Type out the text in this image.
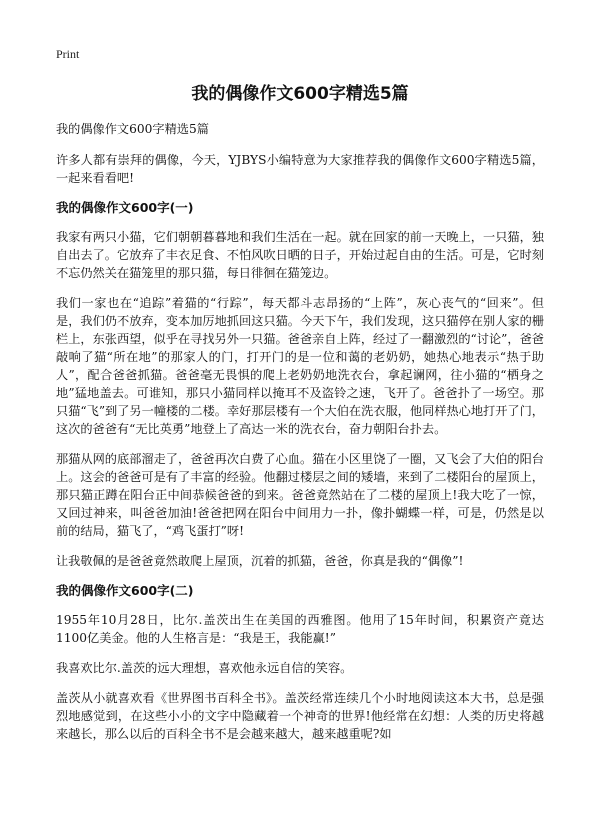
Print
我的偶像作文600字精选5篇

我的偶像作文600字精选5篇

许多人都有崇拜的偶像，今天，YJBYS小编特意为大家推荐我的偶像作文600字精选5篇，一起来看看吧!

我的偶像作文600字(一)

我家有两只小猫，它们朝朝暮暮地和我们生活在一起。就在回家的前一天晚上，一只猫，独自出去了。它放弃了丰衣足食、不怕风吹日晒的日子，开始过起自由的生活。可是，它时刻不忘仍然关在猫笼里的那只猫，每日徘徊在猫笼边。

我们一家也在“追踪”着猫的“行踪”，每天都斗志昂扬的“上阵”，灰心丧气的“回来”。但是，我们仍不放弃，变本加厉地抓回这只猫。今天下午，我们发现，这只猫停在别人家的栅栏上，东张西望，似乎在寻找另外一只猫。爸爸亲自上阵，经过了一翻激烈的“讨论”，爸爸敲响了猫“所在地”的那家人的门，打开门的是一位和蔼的老奶奶，她热心地表示“热于助人”，配合爸爸抓猫。爸爸毫无畏惧的爬上老奶奶地洗衣台，拿起谰网，往小猫的“栖身之地”猛地盖去。可谁知，那只小猫同样以掩耳不及盗铃之速，飞开了。爸爸扑了一场空。那只猫“飞”到了另一幢楼的二楼。幸好那层楼有一个大伯在洗衣服，他同样热心地打开了门，这次的爸爸有“无比英勇”地登上了高达一米的洗衣台，奋力朝阳台扑去。

那猫从网的底部溜走了，爸爸再次白费了心血。猫在小区里饶了一圈，又飞会了大伯的阳台上。这会的爸爸可是有了丰富的经验。他翻过楼层之间的矮墙，来到了二楼阳台的屋顶上，那只猫正蹲在阳台正中间恭候爸爸的到来。爸爸竟然站在了二楼的屋顶上!我大吃了一惊，又回过神来，叫爸爸加油!爸爸把网在阳台中间用力一扑，像扑蝴蝶一样，可是，仍然是以前的结局，猫飞了，“鸡飞蛋打”呀!

让我敬佩的是爸爸竟然敢爬上屋顶，沉着的抓猫，爸爸，你真是我的“偶像”!

我的偶像作文600字(二)

1955年10月28日，比尔.盖茨出生在美国的西雅图。他用了15年时间，积累资产竟达1100亿美金。他的人生格言是：“我是王，我能赢!”

我喜欢比尔.盖茨的远大理想，喜欢他永远自信的笑容。

盖茨从小就喜欢看《世界图书百科全书》。盖茨经常连续几个小时地阅读这本大书，总是强烈地感觉到，在这些小小的文字中隐藏着一个神奇的世界!他经常在幻想：人类的历史将越来越长，那么以后的百科全书不是会越来越大，越来越重呢?如
